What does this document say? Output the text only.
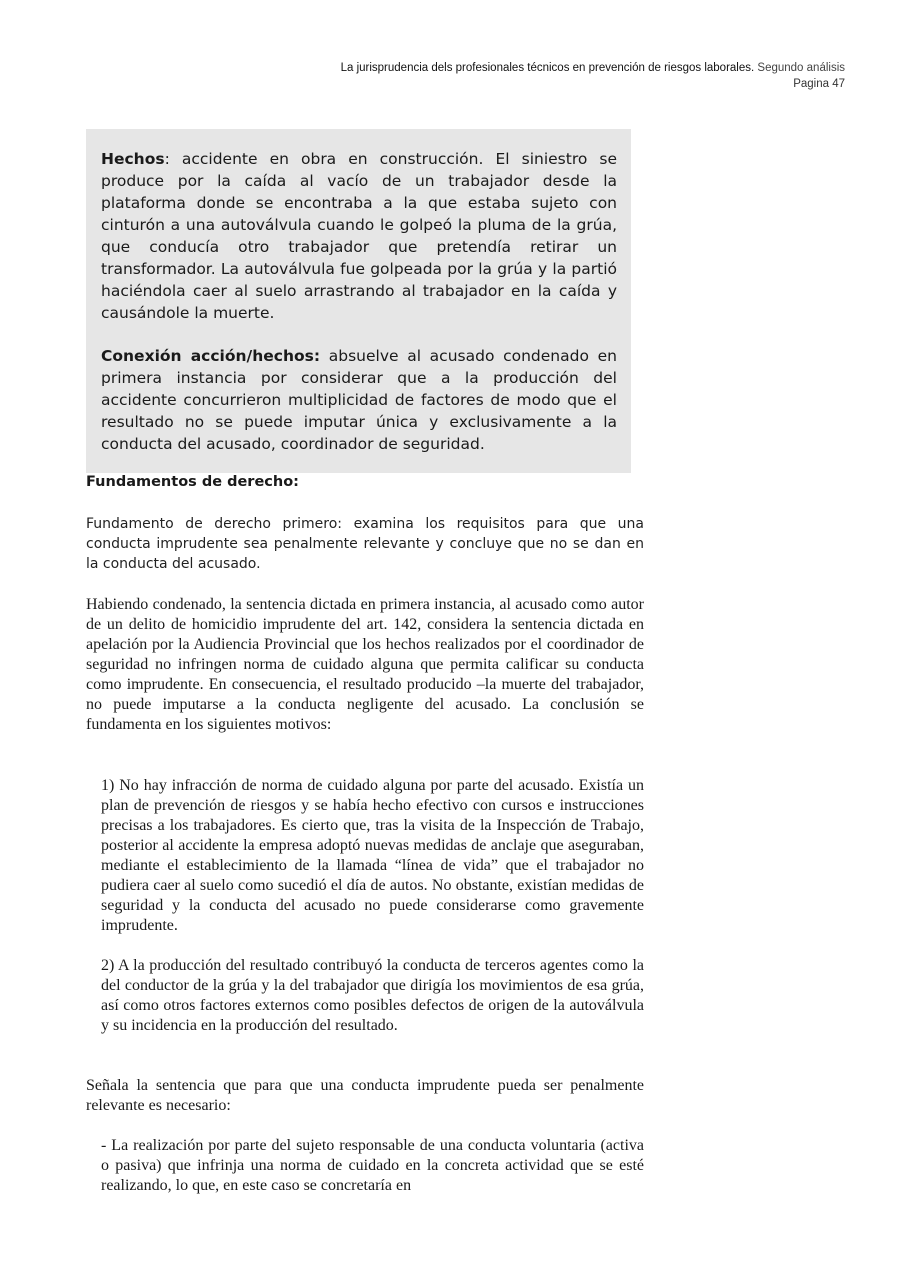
La jurisprudencia dels profesionales técnicos en prevención de riesgos laborales. Segundo análisis
Pagina 47

Hechos: accidente en obra en construcción. El siniestro se produce por la caída al vacío de un trabajador desde la plataforma donde se encontraba a la que estaba sujeto con cinturón a una autoválvula cuando le golpeó la pluma de la grúa, que conducía otro trabajador que pretendía retirar un transformador. La autoválvula fue golpeada por la grúa y la partió haciéndola caer al suelo arrastrando al trabajador en la caída y causándole la muerte.

Conexión acción/hechos: absuelve al acusado condenado en primera instancia por considerar que a la producción del accidente concurrieron multiplicidad de factores de modo que el resultado no se puede imputar única y exclusivamente a la conducta del acusado, coordinador de seguridad.

Fundamentos de derecho:

Fundamento de derecho primero: examina los requisitos para que una conducta imprudente sea penalmente relevante y concluye que no se dan en la conducta del acusado.

Habiendo condenado, la sentencia dictada en primera instancia, al acusado como autor de un delito de homicidio imprudente del art. 142, considera la sentencia dictada en apelación por la Audiencia Provincial que los hechos realizados por el coordinador de seguridad no infringen norma de cuidado alguna que permita calificar su conducta como imprudente. En consecuencia, el resultado producido –la muerte del trabajador, no puede imputarse a la conducta negligente del acusado. La conclusión se fundamenta en los siguientes motivos:

1) No hay infracción de norma de cuidado alguna por parte del acusado. Existía un plan de prevención de riesgos y se había hecho efectivo con cursos e instrucciones precisas a los trabajadores. Es cierto que, tras la visita de la Inspección de Trabajo, posterior al accidente la empresa adoptó nuevas medidas de anclaje que aseguraban, mediante el establecimiento de la llamada “línea de vida” que el trabajador no pudiera caer al suelo como sucedió el día de autos. No obstante, existían medidas de seguridad y la conducta del acusado no puede considerarse como gravemente imprudente.

2) A la producción del resultado contribuyó la conducta de terceros agentes como la del conductor de la grúa y la del trabajador que dirigía los movimientos de esa grúa, así como otros factores externos como posibles defectos de origen de la autoválvula y su incidencia en la producción del resultado.

Señala la sentencia que para que una conducta imprudente pueda ser penalmente relevante es necesario:

- La realización por parte del sujeto responsable de una conducta voluntaria (activa o pasiva) que infrinja una norma de cuidado en la concreta actividad que se esté realizando, lo que, en este caso se concretaría en
